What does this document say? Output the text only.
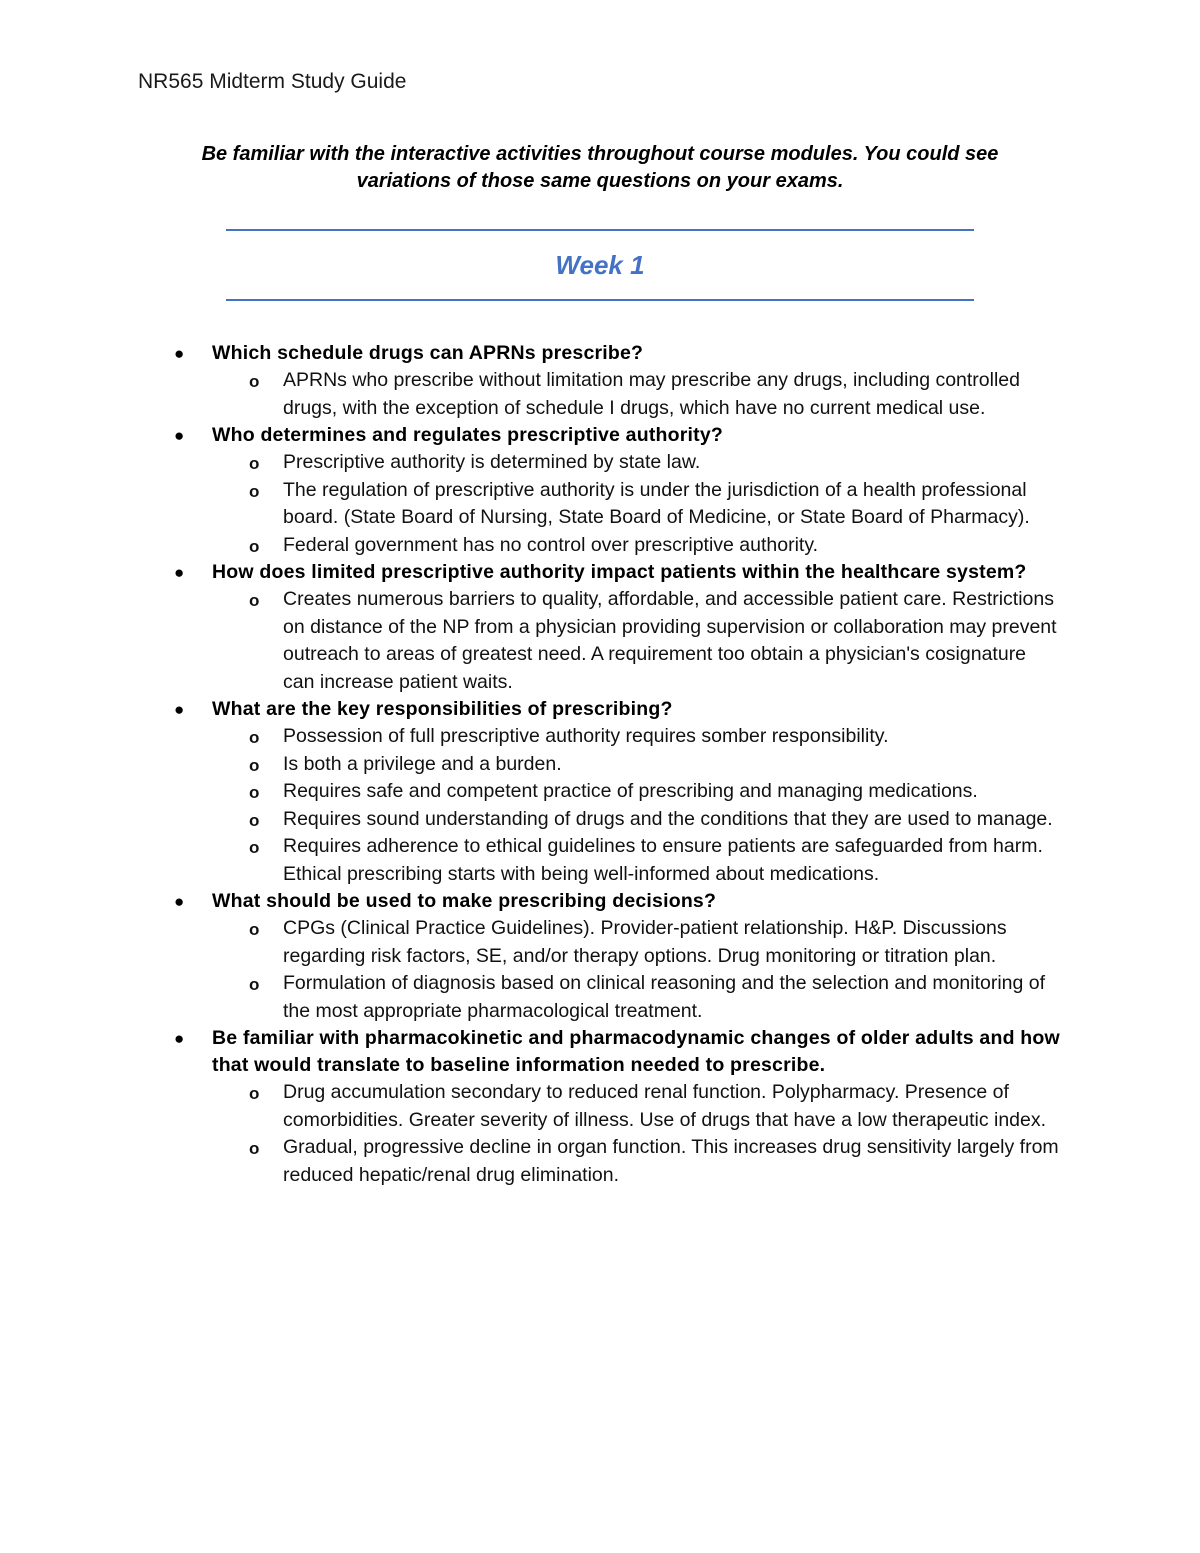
NR565 Midterm Study Guide
Be familiar with the interactive activities throughout course modules. You could see
variations of those same questions on your exams.
Week 1
● Which schedule drugs can APRNs prescribe?
o APRNs who prescribe without limitation may prescribe any drugs, including controlled drugs, with the exception of schedule I drugs, which have no current medical use.
● Who determines and regulates prescriptive authority?
o Prescriptive authority is determined by state law.
o The regulation of prescriptive authority is under the jurisdiction of a health professional board. (State Board of Nursing, State Board of Medicine, or State Board of Pharmacy).
o Federal government has no control over prescriptive authority.
● How does limited prescriptive authority impact patients within the healthcare system?
o Creates numerous barriers to quality, affordable, and accessible patient care. Restrictions on distance of the NP from a physician providing supervision or collaboration may prevent outreach to areas of greatest need. A requirement too obtain a physician's cosignature can increase patient waits.
● What are the key responsibilities of prescribing?
o Possession of full prescriptive authority requires somber responsibility.
o Is both a privilege and a burden.
o Requires safe and competent practice of prescribing and managing medications.
o Requires sound understanding of drugs and the conditions that they are used to manage.
o Requires adherence to ethical guidelines to ensure patients are safeguarded from harm. Ethical prescribing starts with being well-informed about medications.
● What should be used to make prescribing decisions?
o CPGs (Clinical Practice Guidelines). Provider-patient relationship. H&P. Discussions regarding risk factors, SE, and/or therapy options. Drug monitoring or titration plan.
o Formulation of diagnosis based on clinical reasoning and the selection and monitoring of the most appropriate pharmacological treatment.
● Be familiar with pharmacokinetic and pharmacodynamic changes of older adults and how that would translate to baseline information needed to prescribe.
o Drug accumulation secondary to reduced renal function. Polypharmacy. Presence of comorbidities. Greater severity of illness. Use of drugs that have a low therapeutic index.
o Gradual, progressive decline in organ function. This increases drug sensitivity largely from reduced hepatic/renal drug elimination.
